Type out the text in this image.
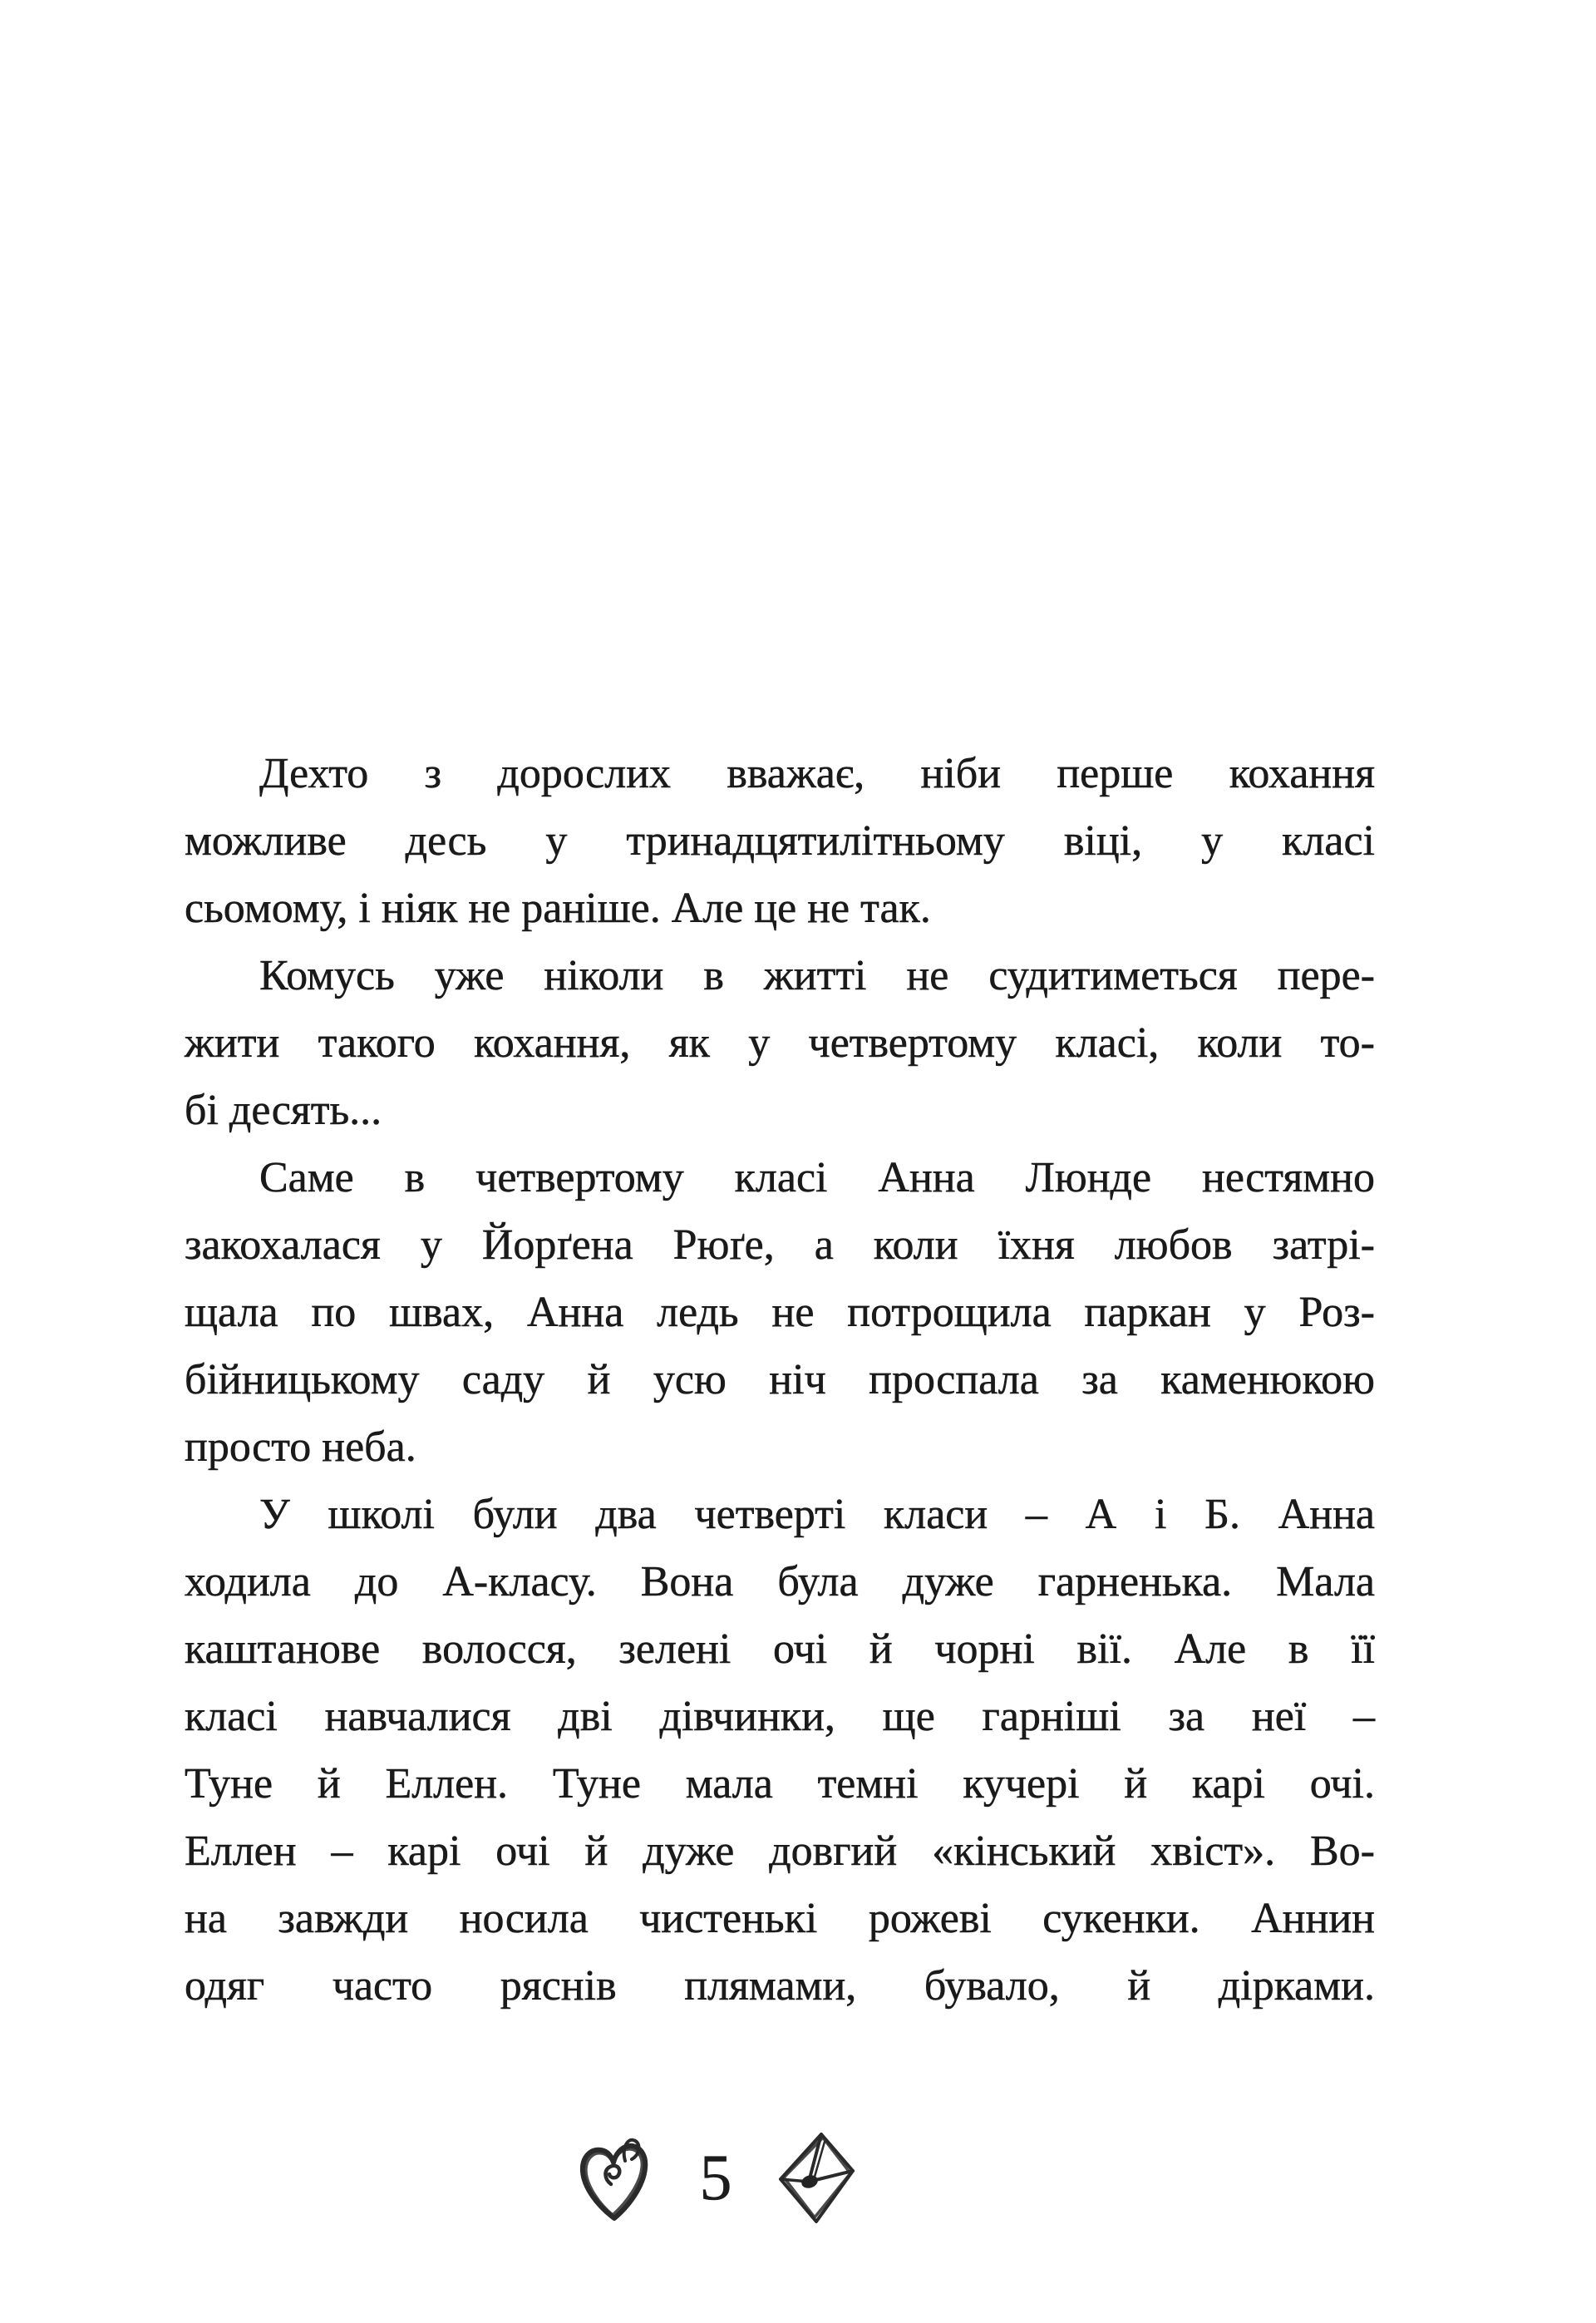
Дехто з дорослих вважає, ніби перше кохання
можливе десь у тринадцятилітньому віці, у класі
сьомому, і ніяк не раніше. Але це не так.

Комусь уже ніколи в житті не судитиметься пере-
жити такого кохання, як у четвертому класі, коли то-
бі десять...

Саме в четвертому класі Анна Люнде нестямно
закохалася у Йорґена Рюґе, а коли їхня любов затрі-
щала по швах, Анна ледь не потрощила паркан у Роз-
бійницькому саду й усю ніч проспала за каменюкою
просто неба.

У школі були два четверті класи – А і Б. Анна
ходила до А-класу. Вона була дуже гарненька. Мала
каштанове волосся, зелені очі й чорні вії. Але в її
класі навчалися дві дівчинки, ще гарніші за неї –
Туне й Еллен. Туне мала темні кучері й карі очі.
Еллен – карі очі й дуже довгий «кінський хвіст». Во-
на завжди носила чистенькі рожеві сукенки. Аннин
одяг часто ряснів плямами, бувало, й дірками.

5
